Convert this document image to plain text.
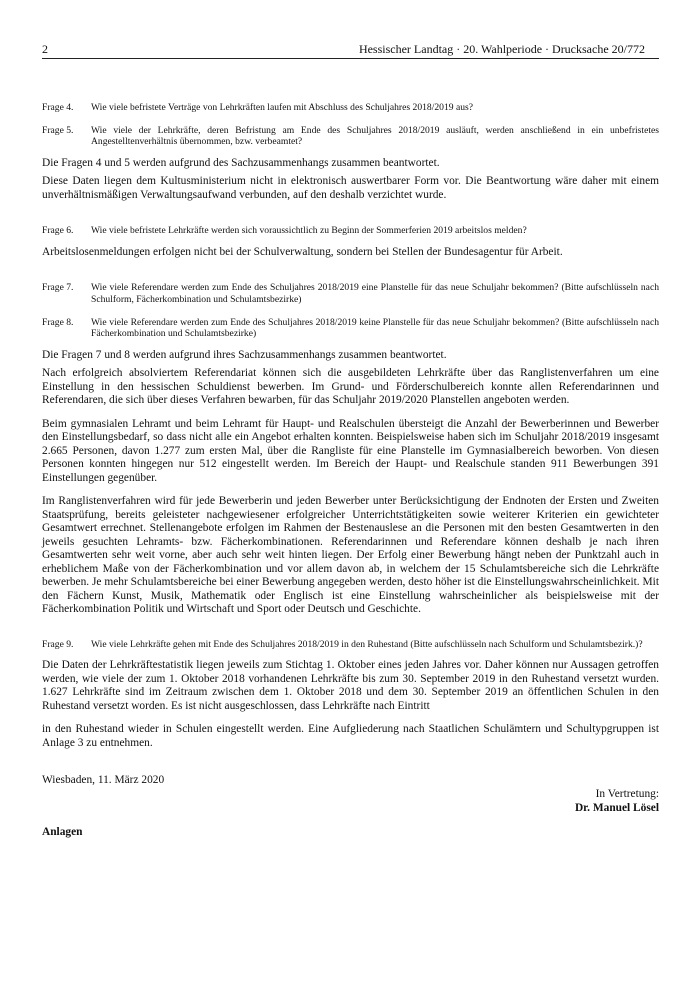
2	Hessischer Landtag · 20. Wahlperiode · Drucksache 20/772
Frage 4. Wie viele befristete Verträge von Lehrkräften laufen mit Abschluss des Schuljahres 2018/2019 aus?
Frage 5. Wie viele der Lehrkräfte, deren Befristung am Ende des Schuljahres 2018/2019 ausläuft, werden anschließend in ein unbefristetes Angestelltenverhältnis übernommen, bzw. verbeamtet?

Die Fragen 4 und 5 werden aufgrund des Sachzusammenhangs zusammen beantwortet.

Diese Daten liegen dem Kultusministerium nicht in elektronisch auswertbarer Form vor. Die Beantwortung wäre daher mit einem unverhältnismäßigen Verwaltungsaufwand verbunden, auf den deshalb verzichtet wurde.

Frage 6. Wie viele befristete Lehrkräfte werden sich voraussichtlich zu Beginn der Sommerferien 2019 arbeitslos melden?

Arbeitslosenmeldungen erfolgen nicht bei der Schulverwaltung, sondern bei Stellen der Bundesagentur für Arbeit.

Frage 7. Wie viele Referendare werden zum Ende des Schuljahres 2018/2019 eine Planstelle für das neue Schuljahr bekommen? (Bitte aufschlüsseln nach Schulform, Fächerkombination und Schulamtsbezirke)
Frage 8. Wie viele Referendare werden zum Ende des Schuljahres 2018/2019 keine Planstelle für das neue Schuljahr bekommen? (Bitte aufschlüsseln nach Fächerkombination und Schulamtsbezirke)

Die Fragen 7 und 8 werden aufgrund ihres Sachzusammenhangs zusammen beantwortet.

Nach erfolgreich absolviertem Referendariat können sich die ausgebildeten Lehrkräfte über das Ranglistenverfahren um eine Einstellung in den hessischen Schuldienst bewerben. Im Grund- und Förderschulbereich konnte allen Referendarinnen und Referendaren, die sich über dieses Verfahren bewarben, für das Schuljahr 2019/2020 Planstellen angeboten werden.

Beim gymnasialen Lehramt und beim Lehramt für Haupt- und Realschulen übersteigt die Anzahl der Bewerberinnen und Bewerber den Einstellungsbedarf, so dass nicht alle ein Angebot erhalten konnten. Beispielsweise haben sich im Schuljahr 2018/2019 insgesamt 2.665 Personen, davon 1.277 zum ersten Mal, über die Rangliste für eine Planstelle im Gymnasialbereich beworben. Von diesen Personen konnten hingegen nur 512 eingestellt werden. Im Bereich der Haupt- und Realschule standen 911 Bewerbungen 391 Einstellungen gegenüber.

Im Ranglistenverfahren wird für jede Bewerberin und jeden Bewerber unter Berücksichtigung der Endnoten der Ersten und Zweiten Staatsprüfung, bereits geleisteter nachgewiesener erfolgreicher Unterrichtstätigkeiten sowie weiterer Kriterien ein gewichteter Gesamtwert errechnet. Stellenangebote erfolgen im Rahmen der Bestenauslese an die Personen mit den besten Gesamtwerten in den jeweils gesuchten Lehramts- bzw. Fächerkombinationen. Referendarinnen und Referendare können deshalb je nach ihren Gesamtwerten sehr weit vorne, aber auch sehr weit hinten liegen. Der Erfolg einer Bewerbung hängt neben der Punktzahl auch in erheblichem Maße von der Fächerkombination und vor allem davon ab, in welchem der 15 Schulamtsbereiche sich die Lehrkräfte bewerben. Je mehr Schulamtsbereiche bei einer Bewerbung angegeben werden, desto höher ist die Einstellungswahrscheinlichkeit. Mit den Fächern Kunst, Musik, Mathematik oder Englisch ist eine Einstellung wahrscheinlicher als beispielsweise mit der Fächerkombination Politik und Wirtschaft und Sport oder Deutsch und Geschichte.

Frage 9. Wie viele Lehrkräfte gehen mit Ende des Schuljahres 2018/2019 in den Ruhestand (Bitte aufschlüsseln nach Schulform und Schulamtsbezirk.)?

Die Daten der Lehrkräftestatistik liegen jeweils zum Stichtag 1. Oktober eines jeden Jahres vor. Daher können nur Aussagen getroffen werden, wie viele der zum 1. Oktober 2018 vorhandenen Lehrkräfte bis zum 30. September 2019 in den Ruhestand versetzt wurden. 1.627 Lehrkräfte sind im Zeitraum zwischen dem 1. Oktober 2018 und dem 30. September 2019 an öffentlichen Schulen in den Ruhestand versetzt worden. Es ist nicht ausgeschlossen, dass Lehrkräfte nach Eintritt

in den Ruhestand wieder in Schulen eingestellt werden. Eine Aufgliederung nach Staatlichen Schulämtern und Schultypgruppen ist Anlage 3 zu entnehmen.

Wiesbaden, 11. März 2020

In Vertretung:
Dr. Manuel Lösel

Anlagen
